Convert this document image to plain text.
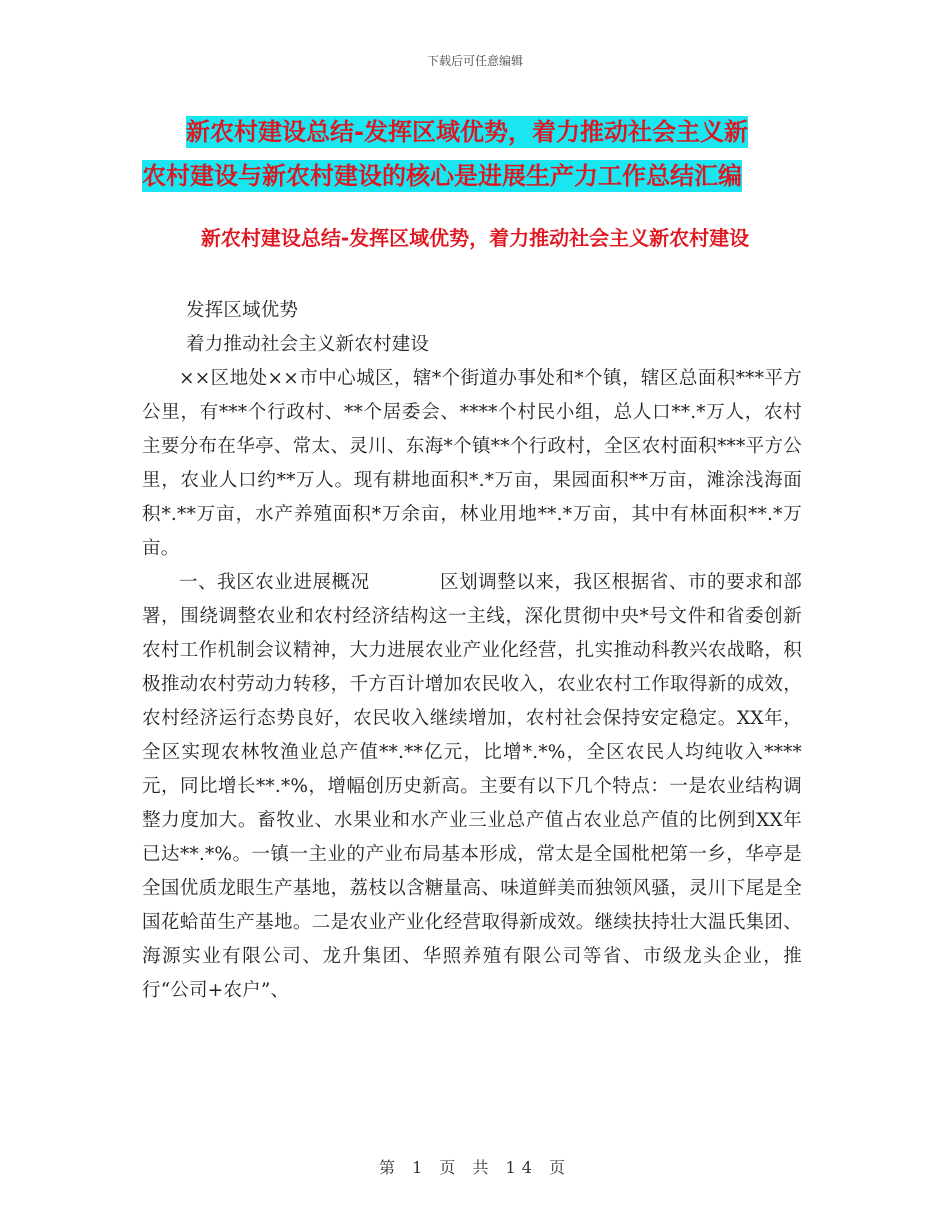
下载后可任意编辑
新农村建设总结-发挥区域优势，着力推动社会主义新
农村建设与新农村建设的核心是进展生产力工作总结汇编
新农村建设总结-发挥区域优势，着力推动社会主义新农村建设

发挥区域优势

着力推动社会主义新农村建设

××区地处××市中心城区，辖*个街道办事处和*个镇，辖区总面积***平方公里，有***个行政村、**个居委会、****个村民小组，总人口**.*万人，农村主要分布在华亭、常太、灵川、东海*个镇**个行政村，全区农村面积***平方公里，农业人口约**万人。现有耕地面积*.*万亩，果园面积**万亩，滩涂浅海面积*.**万亩，水产养殖面积*万余亩，林业用地**.*万亩，其中有林面积**.*万亩。

一、我区农业进展概况	区划调整以来，我区根据省、市的要求和部署，围绕调整农业和农村经济结构这一主线，深化贯彻中央*号文件和省委创新农村工作机制会议精神，大力进展农业产业化经营，扎实推动科教兴农战略，积极推动农村劳动力转移，千方百计增加农民收入，农业农村工作取得新的成效，农村经济运行态势良好，农民收入继续增加，农村社会保持安定稳定。XX年，全区实现农林牧渔业总产值**.**亿元，比增*.*%，全区农民人均纯收入****元，同比增长**.*%，增幅创历史新高。主要有以下几个特点：一是农业结构调整力度加大。畜牧业、水果业和水产业三业总产值占农业总产值的比例到XX年已达**.*%。一镇一主业的产业布局基本形成，常太是全国枇杷第一乡，华亭是全国优质龙眼生产基地，荔枝以含糖量高、味道鲜美而独领风骚，灵川下尾是全国花蛤苗生产基地。二是农业产业化经营取得新成效。继续扶持壮大温氏集团、海源实业有限公司、龙升集团、华照养殖有限公司等省、市级龙头企业，推行“公司+农户”、

第 1 页 共 14 页
